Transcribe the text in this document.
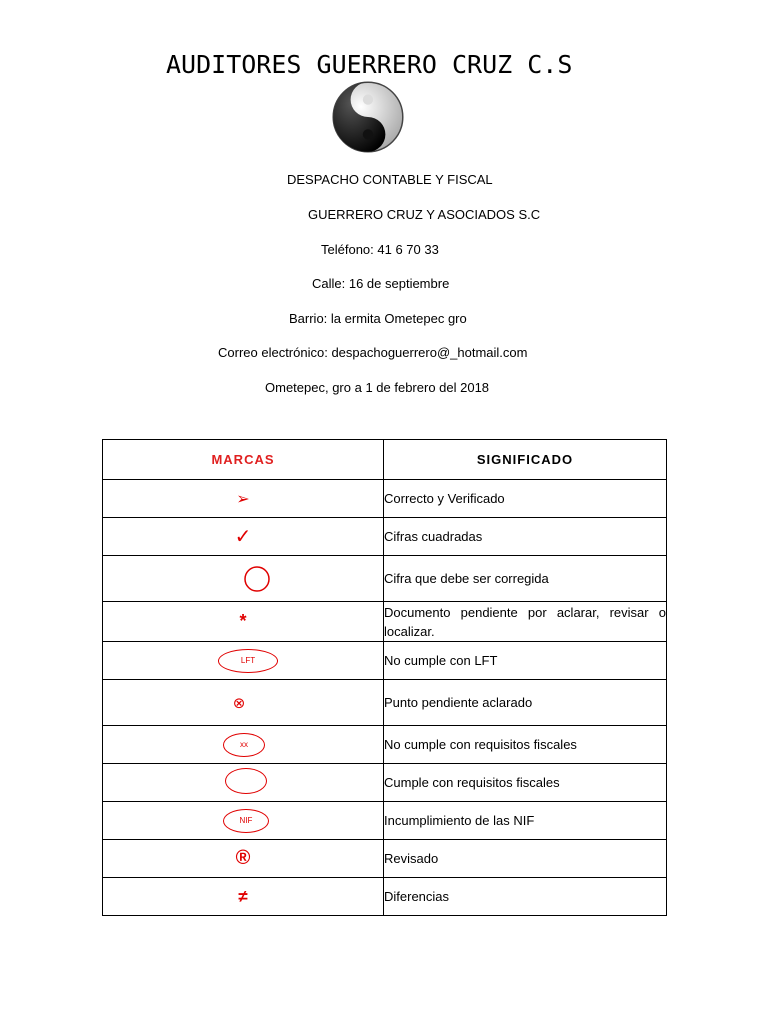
AUDITORES GUERRERO CRUZ C.S

DESPACHO CONTABLE Y FISCAL

GUERRERO CRUZ Y ASOCIADOS S.C

Teléfono: 41 6 70 33

Calle: 16 de septiembre

Barrio: la ermita Ometepec gro

Correo electrónico: despachoguerrero@_hotmail.com

Ometepec, gro a 1 de febrero del 2018

MARCAS	SIGNIFICADO
➢	Correcto y Verificado
✓	Cifras cuadradas
	Cifra que debe ser corregida
*	Documento pendiente por aclarar, revisar o localizar.
LFT	No cumple con LFT
⊗	Punto pendiente aclarado
xx	No cumple con requisitos fiscales
	Cumple con requisitos fiscales
NIF	Incumplimiento de las NIF
®	Revisado
≠	Diferencias
